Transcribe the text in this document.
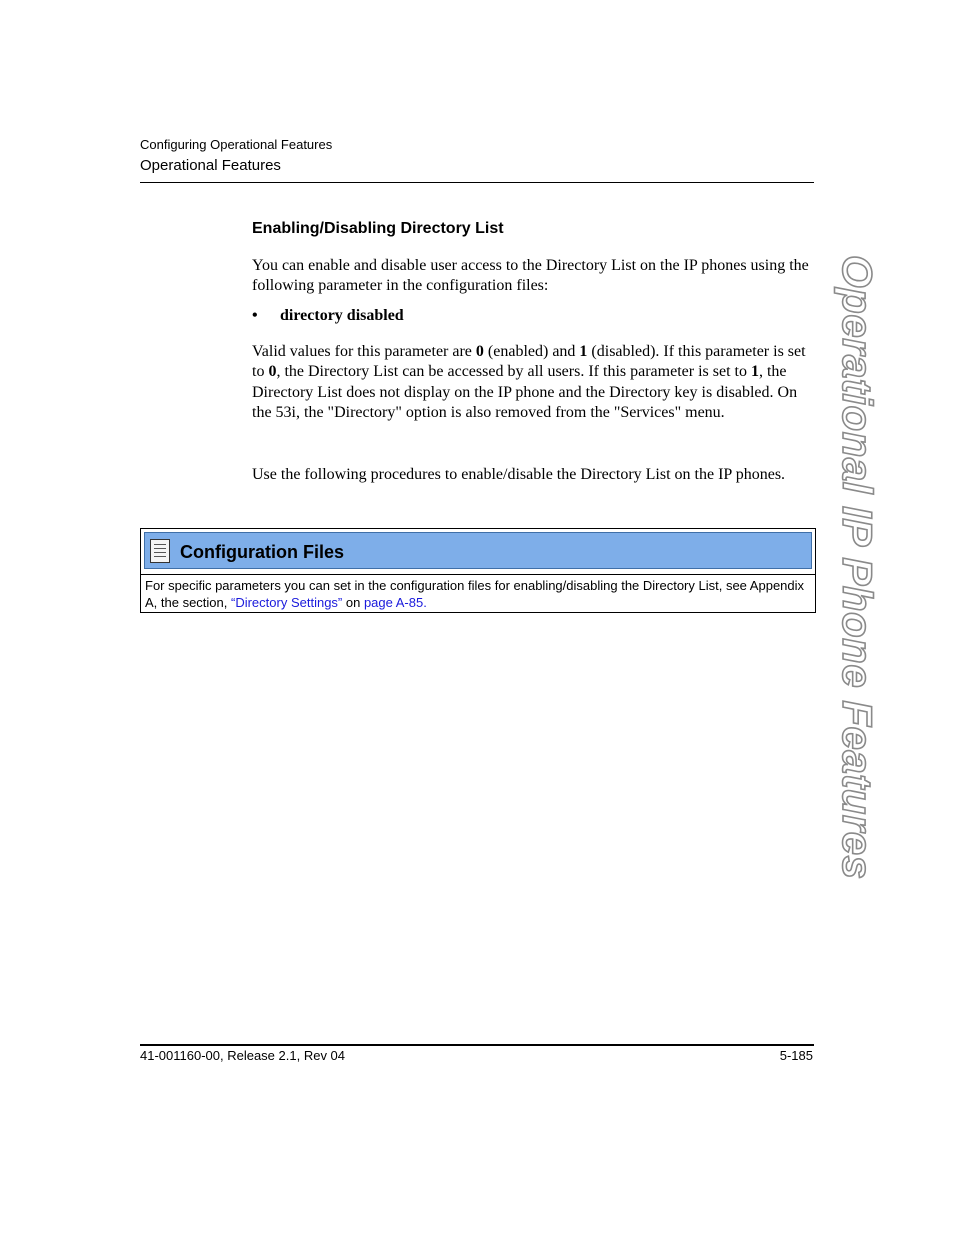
Configuring Operational Features
Operational Features
Enabling/Disabling Directory List
You can enable and disable user access to the Directory List on the IP phones using the following parameter in the configuration files:
• directory disabled
Valid values for this parameter are 0 (enabled) and 1 (disabled). If this parameter is set to 0, the Directory List can be accessed by all users. If this parameter is set to 1, the Directory List does not display on the IP phone and the Directory key is disabled. On the 53i, the "Directory" option is also removed from the "Services" menu.
Use the following procedures to enable/disable the Directory List on the IP phones.
Configuration Files
For specific parameters you can set in the configuration files for enabling/disabling the Directory List, see Appendix A, the section, “Directory Settings” on page A-85.	Operational IP Phone Features
41-001160-00, Release 2.1, Rev 04	5-185
